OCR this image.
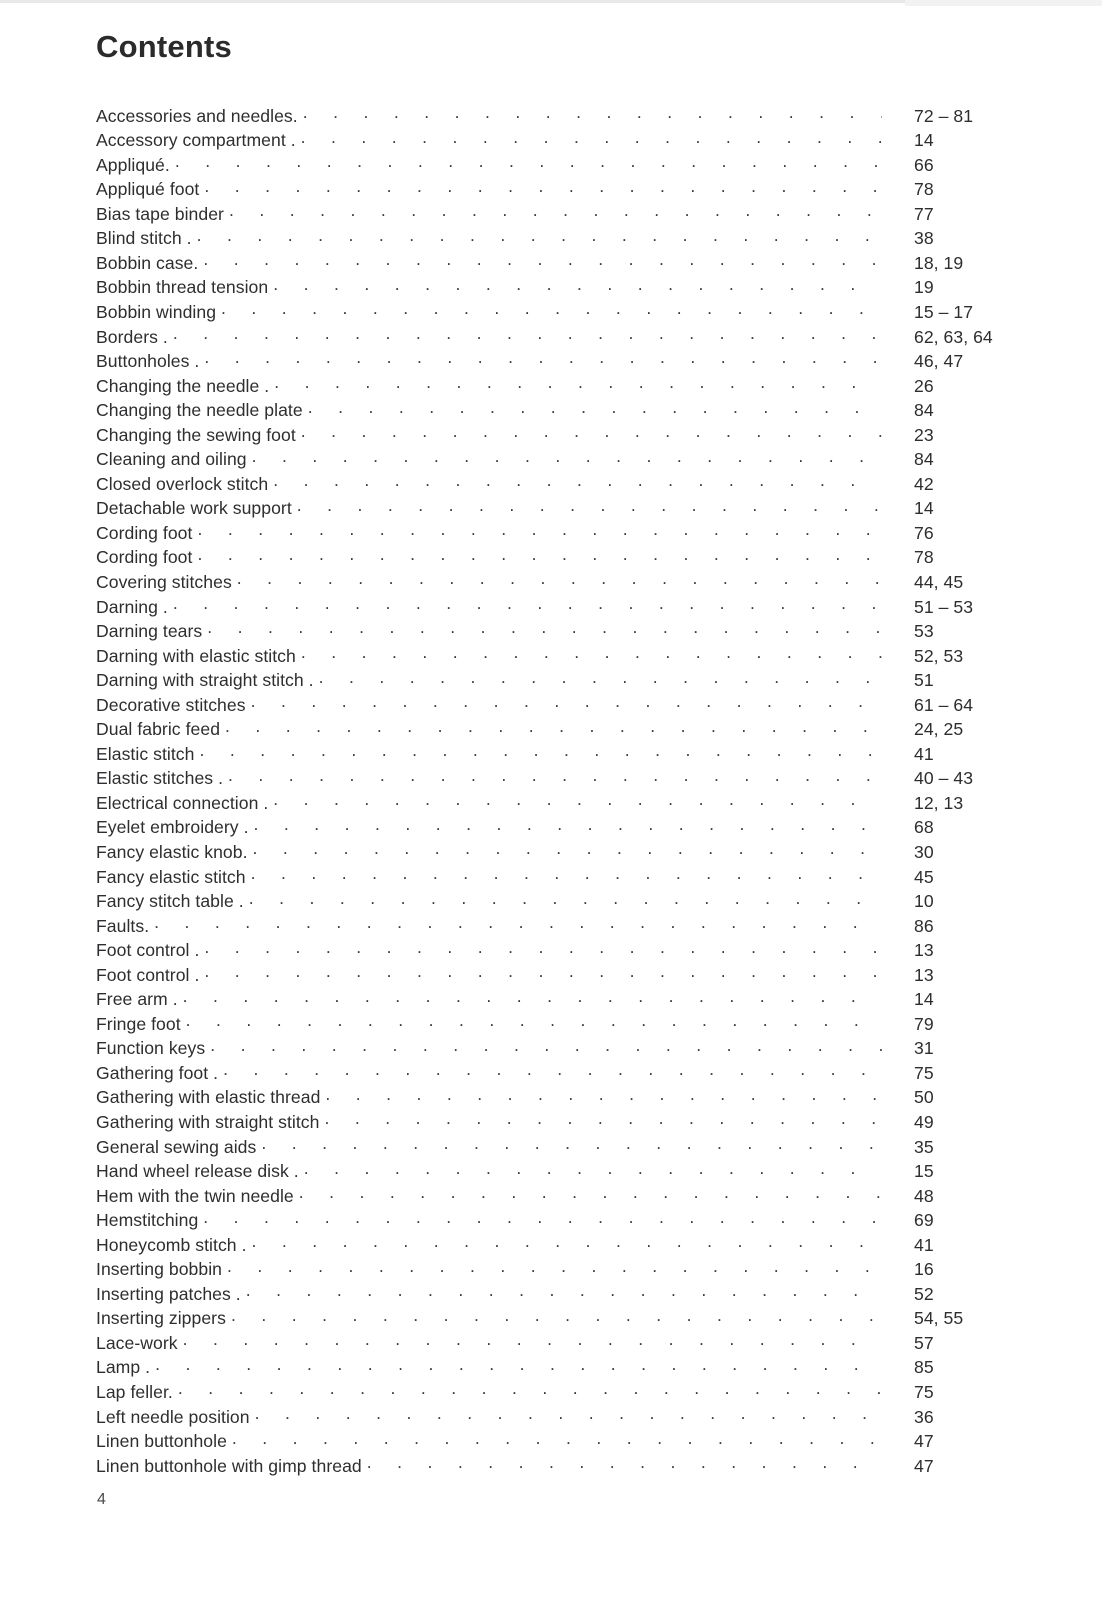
Contents
Accessories and needles. . .	72 – 81
Accessory compartment . . .	14
Appliqué. . .	66
Appliqué foot . .	78
Bias tape binder . .	77
Blind stitch . . .	38
Bobbin case. . .	18, 19
Bobbin thread tension . .	19
Bobbin winding . .	15 – 17
Borders . . .	62, 63, 64
Buttonholes . . .	46, 47
Changing the needle . . .	26
Changing the needle plate . .	84
Changing the sewing foot . .	23
Cleaning and oiling . .	84
Closed overlock stitch . .	42
Detachable work support . .	14
Cording foot . .	76
Cording foot . .	78
Covering stitches . .	44, 45
Darning . . .	51 – 53
Darning tears . .	53
Darning with elastic stitch . .	52, 53
Darning with straight stitch . . .	51
Decorative stitches . .	61 – 64
Dual fabric feed . .	24, 25
Elastic stitch . .	41
Elastic stitches . . .	40 – 43
Electrical connection . . .	12, 13
Eyelet embroidery . . .	68
Fancy elastic knob. . .	30
Fancy elastic stitch . .	45
Fancy stitch table . . .	10
Faults. . .	86
Foot control . . .	13
Foot control . . .	13
Free arm . . .	14
Fringe foot . .	79
Function keys . .	31
Gathering foot . . .	75
Gathering with elastic thread . .	50
Gathering with straight stitch . .	49
General sewing aids . .	35
Hand wheel release disk . . .	15
Hem with the twin needle . .	48
Hemstitching . .	69
Honeycomb stitch . . .	41
Inserting bobbin . .	16
Inserting patches . . .	52
Inserting zippers . .	54, 55
Lace-work . .	57
Lamp . . .	85
Lap feller. . .	75
Left needle position . .	36
Linen buttonhole . .	47
Linen buttonhole with gimp thread . .	47
4
